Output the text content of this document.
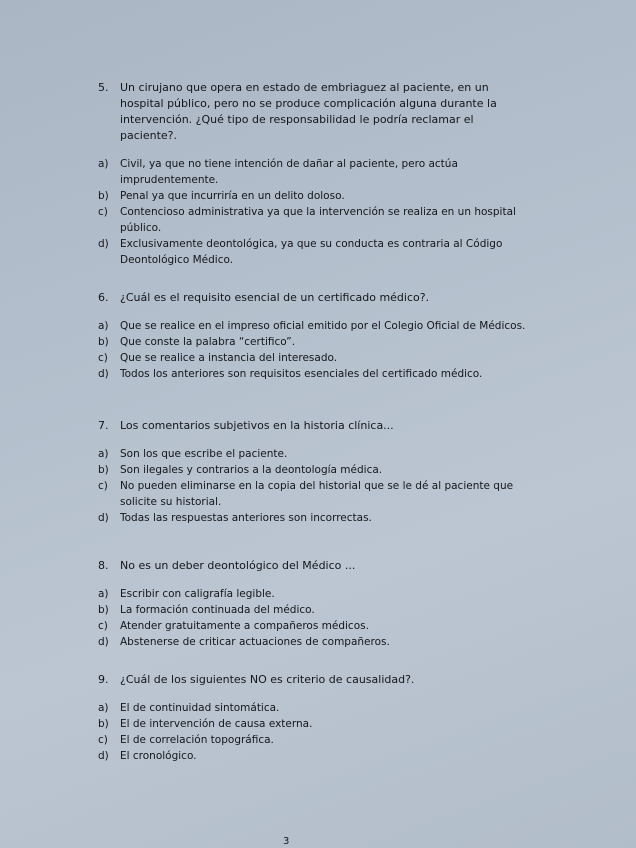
5.	Un cirujano que opera en estado de embriaguez al paciente, en un hospital público, pero no se produce complicación alguna durante la intervención. ¿Qué tipo de responsabilidad le podría reclamar el paciente?.
a)	Civil, ya que no tiene intención de dañar al paciente, pero actúa imprudentemente.
b)	Penal ya que incurriría en un delito doloso.
c)	Contencioso administrativa ya que la intervención se realiza en un hospital público.
d)	Exclusivamente deontológica, ya que su conducta es contraria al Código Deontológico Médico.
6.	¿Cuál es el requisito esencial de un certificado médico?.
a)	Que se realice en el impreso oficial emitido por el Colegio Oficial de Médicos.
b)	Que conste la palabra “certifico”.
c)	Que se realice a instancia del interesado.
d)	Todos los anteriores son requisitos esenciales del certificado médico.
7.	Los comentarios subjetivos en la historia clínica...
a)	Son los que escribe el paciente.
b)	Son ilegales y contrarios a la deontología médica.
c)	No pueden eliminarse en la copia del historial que se le dé al paciente que solicite su historial.
d)	Todas las respuestas anteriores son incorrectas.
8.	No es un deber deontológico del Médico ...
a)	Escribir con caligrafía legible.
b)	La formación continuada del médico.
c)	Atender gratuitamente a compañeros médicos.
d)	Abstenerse de criticar actuaciones de compañeros.
9.	¿Cuál de los siguientes NO es criterio de causalidad?.
a)	El de continuidad sintomática.
b)	El de intervención de causa externa.
c)	El de correlación topográfica.
d)	El cronológico.
3
